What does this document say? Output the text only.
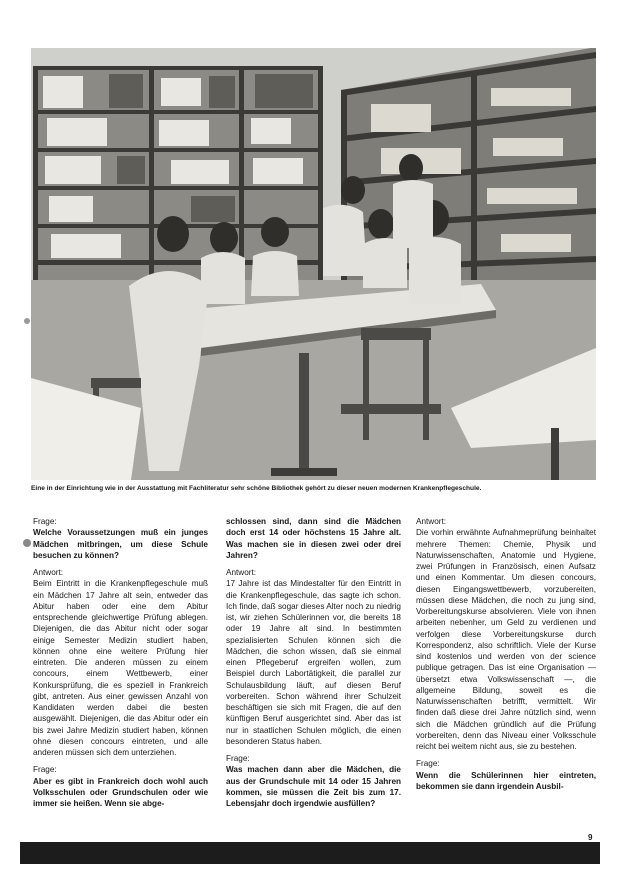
Eine in der Einrichtung wie in der Ausstattung mit Fachliteratur sehr schöne Bibliothek gehört zu dieser neuen modernen Krankenpflegeschule.

Frage:
Welche Voraussetzungen muß ein junges Mädchen mitbringen, um diese Schule besuchen zu können?

Antwort:
Beim Eintritt in die Krankenpflegeschule muß ein Mädchen 17 Jahre alt sein, entweder das Abitur haben oder eine dem Abitur entsprechende gleichwertige Prüfung ablegen. Diejenigen, die das Abitur nicht oder sogar einige Semester Medizin studiert haben, können ohne eine weitere Prüfung hier eintreten. Die anderen müssen zu einem concours, einem Wettbewerb, einer Konkursprüfung, die es speziell in Frankreich gibt, antreten. Aus einer gewissen Anzahl von Kandidaten werden dabei die besten ausgewählt. Diejenigen, die das Abitur oder ein bis zwei Jahre Medizin studiert haben, können ohne diesen concours eintreten, und alle anderen müssen sich dem unterziehen.

Frage:
Aber es gibt in Frankreich doch wohl auch Volksschulen oder Grundschulen oder wie immer sie heißen. Wenn sie abge-

schlossen sind, dann sind die Mädchen doch erst 14 oder höchstens 15 Jahre alt. Was machen sie in diesen zwei oder drei Jahren?

Antwort:
17 Jahre ist das Mindestalter für den Eintritt in die Krankenpflegeschule, das sagte ich schon. Ich finde, daß sogar dieses Alter noch zu niedrig ist, wir ziehen Schülerinnen vor, die bereits 18 oder 19 Jahre alt sind. In bestimmten spezialisierten Schulen können sich die Mädchen, die schon wissen, daß sie einmal einen Pflegeberuf ergreifen wollen, zum Beispiel durch Labortätigkeit, die parallel zur Schulausbildung läuft, auf diesen Beruf vorbereiten. Schon während ihrer Schulzeit beschäftigen sie sich mit Fragen, die auf den künftigen Beruf ausgerichtet sind. Aber das ist nur in staatlichen Schulen möglich, die einen besonderen Status haben.

Frage:
Was machen dann aber die Mädchen, die aus der Grundschule mit 14 oder 15 Jahren kommen, sie müssen die Zeit bis zum 17. Lebensjahr doch irgendwie ausfüllen?

Antwort:
Die vorhin erwähnte Aufnahmeprüfung beinhaltet mehrere Themen: Chemie, Physik und Naturwissenschaften, Anatomie und Hygiene, zwei Prüfungen in Französisch, einen Aufsatz und einen Kommentar. Um diesen concours, diesen Eingangswettbewerb, vorzubereiten, müssen diese Mädchen, die noch zu jung sind, Vorbereitungskurse absolvieren. Viele von ihnen arbeiten nebenher, um Geld zu verdienen und verfolgen diese Vorbereitungskurse durch Korrespondenz, also schriftlich. Viele der Kurse sind kostenlos und werden von der science publique getragen. Das ist eine Organisation — übersetzt etwa Volkswissenschaft —, die allgemeine Bildung, soweit es die Naturwissenschaften betrifft, vermittelt. Wir finden daß diese drei Jahre nützlich sind, wenn sich die Mädchen gründlich auf die Prüfung vorbereiten, denn das Niveau einer Volksschule reicht bei weitem nicht aus, sie zu bestehen.

Frage:
Wenn die Schülerinnen hier eintreten, bekommen sie dann irgendein Ausbil-

9
